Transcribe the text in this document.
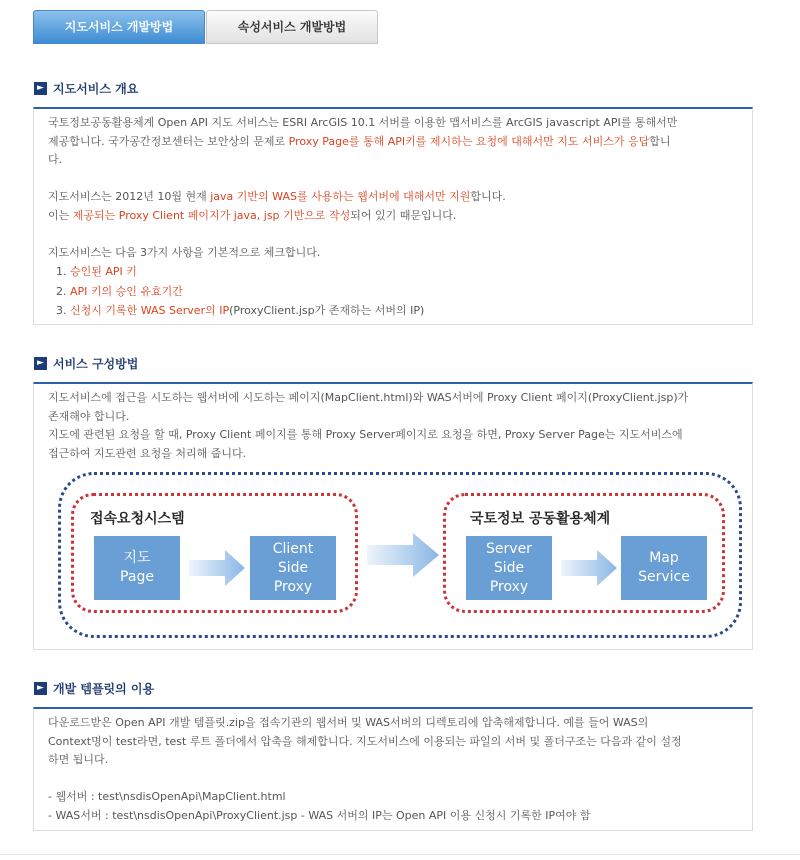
지도서비스 개발방법	속성서비스 개발방법
► 지도서비스 개요
국토정보공동활용체계 Open API 지도 서비스는 ESRI ArcGIS 10.1 서버를 이용한 맵서비스를 ArcGIS javascript API를 통해서만
제공합니다. 국가공간정보센터는 보안상의 문제로 Proxy Page를 통해 API키를 제시하는 요청에 대해서만 지도 서비스가 응답합니
다.
지도서비스는 2012년 10월 현재 java 기반의 WAS를 사용하는 웹서버에 대해서만 지원합니다.
이는 제공되는 Proxy Client 페이지가 java, jsp 기반으로 작성되어 있기 때문입니다.
지도서비스는 다음 3가지 사항을 기본적으로 체크합니다.
1. 승인된 API 키
2. API 키의 승인 유효기간
3. 신청시 기록한 WAS Server의 IP(ProxyClient.jsp가 존재하는 서버의 IP)
► 서비스 구성방법
지도서비스에 접근을 시도하는 웹서버에 시도하는 페이지(MapClient.html)와 WAS서버에 Proxy Client 페이지(ProxyClient.jsp)가
존재해야 합니다.
지도에 관련된 요청을 할 때, Proxy Client 페이지를 통해 Proxy Server페이지로 요청을 하면, Proxy Server Page는 지도서비스에
접근하여 지도관련 요청을 처리해 줍니다.
접속요청시스템
지도
Page
Client
Side
Proxy
국토정보 공동활용체계
Server
Side
Proxy
Map
Service
► 개발 템플릿의 이용
다운로드받은 Open API 개발 템플릿.zip을 접속기관의 웹서버 및 WAS서버의 디렉토리에 압축해제합니다. 예를 들어 WAS의
Context명이 test라면, test 루트 폴더에서 압축을 해제합니다. 지도서비스에 이용되는 파일의 서버 및 폴더구조는 다음과 같이 설정
하면 됩니다.
- 웹서버 : test\nsdisOpenApi\MapClient.html
- WAS서버 : test\nsdisOpenApi\ProxyClient.jsp - WAS 서버의 IP는 Open API 이용 신청시 기록한 IP여야 함
